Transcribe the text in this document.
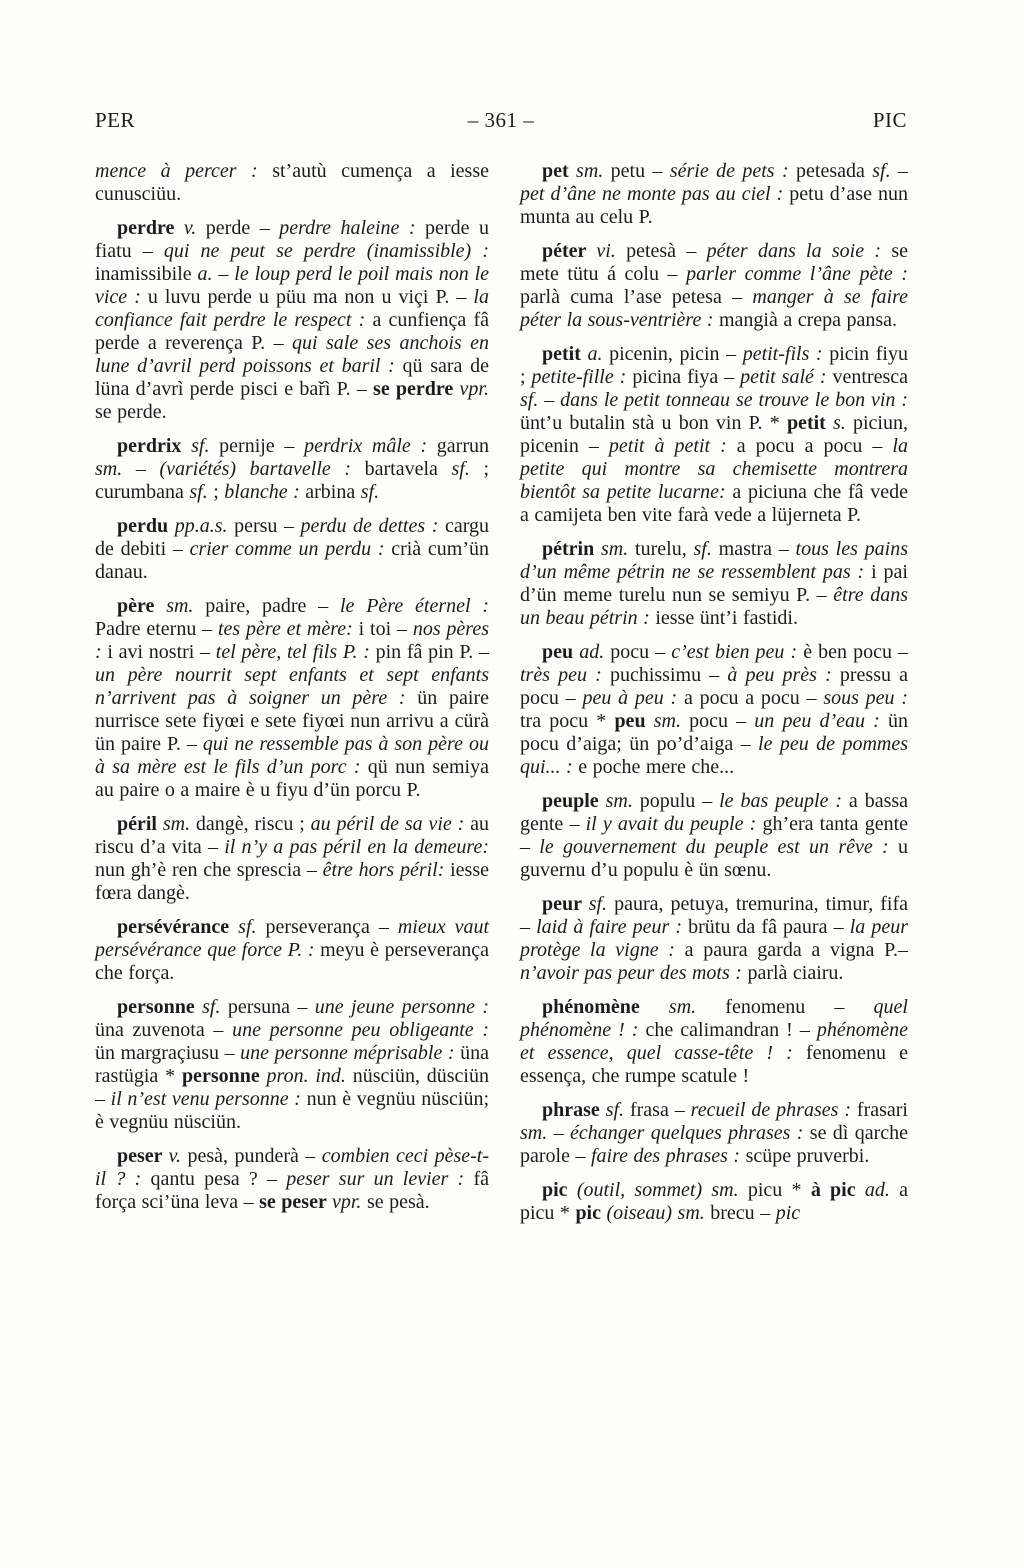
PER	– 361 –	PIC

mence à percer : st’autù cumença a iesse cunusciüu.

perdre v. perde – perdre haleine : perde u fiatu – qui ne peut se perdre (inamissible) : inamissibile a. – le loup perd le poil mais non le vice : u luvu perde u püu ma non u viçi P. – la confiance fait perdre le respect : a cunfiença fâ perde a reverença P. – qui sale ses anchois en lune d’avril perd poissons et baril : qü sara de lüna d’avrì perde pisci e bařì P. – se perdre vpr. se perde.

perdrix sf. pernije – perdrix mâle : garrun sm. – (variétés) bartavelle : bartavela sf. ; curumbana sf. ; blanche : arbina sf.

perdu pp.a.s. persu – perdu de dettes : cargu de debiti – crier comme un perdu : crià cum’ün danau.

père sm. paire, padre – le Père éternel : Padre eternu – tes père et mère: i toi – nos pères : i avi nostri – tel père, tel fils P. : pin fâ pin P. – un père nourrit sept enfants et sept enfants n’arrivent pas à soigner un père : ün paire nurrisce sete fiyœi e sete fiyœi nun arrivu a cürà ün paire P. – qui ne ressemble pas à son père ou à sa mère est le fils d’un porc : qü nun semiya au paire o a maire è u fiyu d’ün porcu P.

péril sm. dangè, riscu ; au péril de sa vie : au riscu d’a vita – il n’y a pas péril en la demeure: nun gh’è ren che sprescia – être hors péril: iesse fœra dangè.

persévérance sf. perseverança – mieux vaut persévérance que force P. : meyu è perseverança che força.

personne sf. persuna – une jeune personne : üna zuvenota – une personne peu obligeante : ün margraçiusu – une personne méprisable : üna rastügia * personne pron. ind. nüsciün, düsciün – il n’est venu personne : nun è vegnüu nüsciün; è vegnüu nüsciün.

peser v. pesà, punderà – combien ceci pèse-t-il ? : qantu pesa ? – peser sur un levier : fâ força sci’üna leva – se peser vpr. se pesà.

pet sm. petu – série de pets : petesada sf. – pet d’âne ne monte pas au ciel : petu d’ase nun munta au celu P.

péter vi. petesà – péter dans la soie : se mete tütu á colu – parler comme l’âne pète : parlà cuma l’ase petesa – manger à se faire péter la sous-ventrière : mangià a crepa pansa.

petit a. picenin, picin – petit-fils : picin fiyu ; petite-fille : picina fiya – petit salé : ventresca sf. – dans le petit tonneau se trouve le bon vin : ünt’u butalin stà u bon vin P. * petit s. piciun, picenin – petit à petit : a pocu a pocu – la petite qui montre sa chemisette montrera bientôt sa petite lucarne: a piciuna che fâ vede a camijeta ben vite farà vede a lüjerneta P.

pétrin sm. turelu, sf. mastra – tous les pains d’un même pétrin ne se ressemblent pas : i pai d’ün meme turelu nun se semiyu P. – être dans un beau pétrin : iesse ünt’i fastidi.

peu ad. pocu – c’est bien peu : è ben pocu – très peu : puchissimu – à peu près : pressu a pocu – peu à peu : a pocu a pocu – sous peu : tra pocu * peu sm. pocu – un peu d’eau : ün pocu d’aiga; ün po’d’aiga – le peu de pommes qui... : e poche mere che...

peuple sm. populu – le bas peuple : a bassa gente – il y avait du peuple : gh’era tanta gente – le gouvernement du peuple est un rêve : u guvernu d’u populu è ün sœnu.

peur sf. paura, petuya, tremurina, timur, fifa – laid à faire peur : brütu da fâ paura – la peur protège la vigne : a paura garda a vigna P.– n’avoir pas peur des mots : parlà ciairu.

phénomène sm. fenomenu – quel phénomène ! : che calimandran ! – phénomène et essence, quel casse-tête ! : fenomenu e essença, che rumpe scatule !

phrase sf. frasa – recueil de phrases : frasari sm. – échanger quelques phrases : se dì qarche parole – faire des phrases : scüpe pruverbi.

pic (outil, sommet) sm. picu * à pic ad. a picu * pic (oiseau) sm. brecu – pic
